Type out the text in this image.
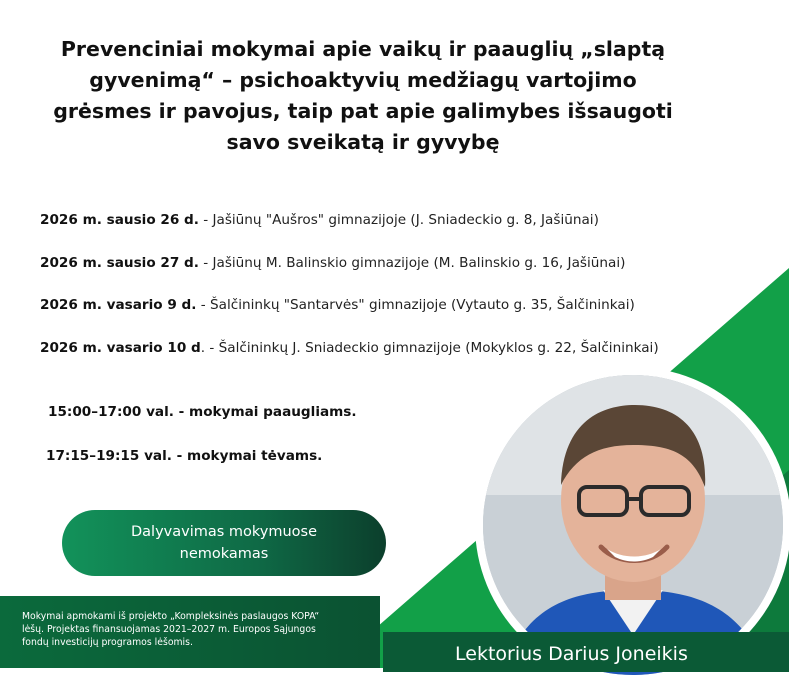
Prevenciniai mokymai apie vaikų ir paauglių „slaptą
gyvenimą“ – psichoaktyvių medžiagų vartojimo
grėsmes ir pavojus, taip pat apie galimybes išsaugoti
savo sveikatą ir gyvybę
2026 m. sausio 26 d. - Jašiūnų "Aušros" gimnazijoje (J. Sniadeckio g. 8, Jašiūnai)
2026 m. sausio 27 d. - Jašiūnų M. Balinskio gimnazijoje (M. Balinskio g. 16, Jašiūnai)
2026 m. vasario 9 d. - Šalčininkų "Santarvės" gimnazijoje (Vytauto g. 35, Šalčininkai)
2026 m. vasario 10 d. - Šalčininkų J. Sniadeckio gimnazijoje (Mokyklos g. 22, Šalčininkai)
15:00–17:00 val. - mokymai paaugliams.
17:15–19:15 val. - mokymai tėvams.
Dalyvavimas mokymuose
nemokamas
Mokymai apmokami iš projekto „Kompleksinės paslaugos KOPA“
lėšų. Projektas finansuojamas 2021–2027 m. Europos Sąjungos
fondų investicijų programos lėšomis.
Lektorius Darius Joneikis
